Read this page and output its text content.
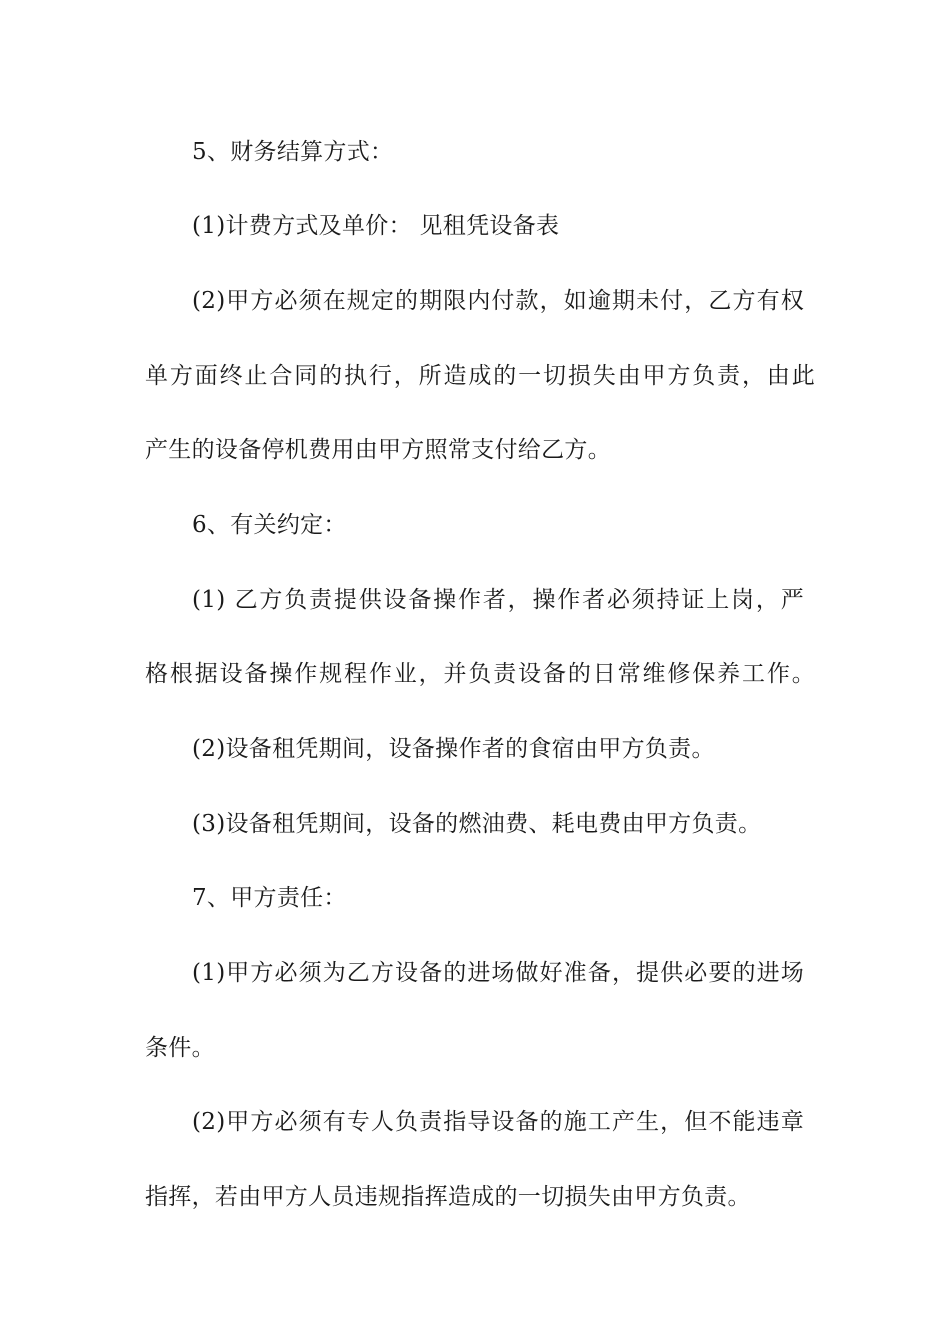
5、财务结算方式：
(1)计费方式及单价： 见租凭设备表
(2)甲方必须在规定的期限内付款，如逾期未付，乙方有权
单方面终止合同的执行，所造成的一切损失由甲方负责，由此
产生的设备停机费用由甲方照常支付给乙方。
6、有关约定：
(1) 乙方负责提供设备操作者，操作者必须持证上岗，严
格根据设备操作规程作业，并负责设备的日常维修保养工作。
(2)设备租凭期间，设备操作者的食宿由甲方负责。
(3)设备租凭期间，设备的燃油费、耗电费由甲方负责。
7、甲方责任：
(1)甲方必须为乙方设备的进场做好准备，提供必要的进场
条件。
(2)甲方必须有专人负责指导设备的施工产生，但不能违章
指挥，若由甲方人员违规指挥造成的一切损失由甲方负责。
